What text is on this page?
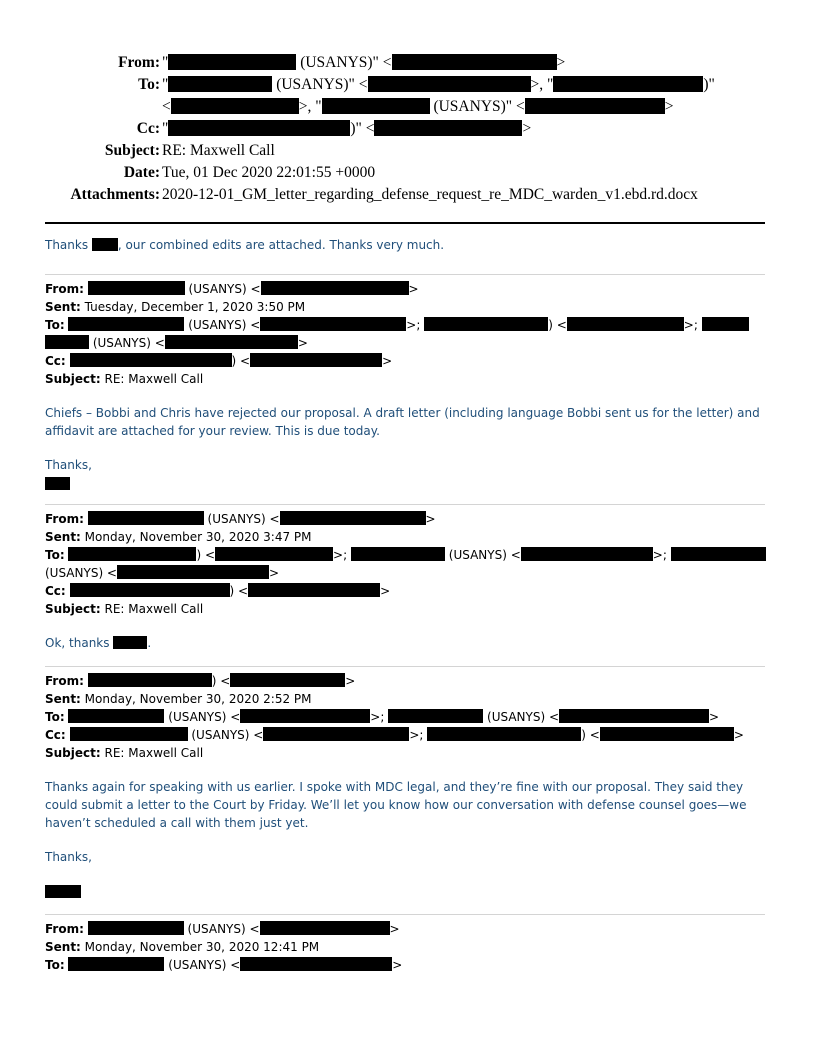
From: "	(USANYS)" <	>
To: "	(USANYS)" <	>, "	)"
<	>, "	(USANYS)" <	>
Cc: "	)" <	>
Subject: RE: Maxwell Call
Date: Tue, 01 Dec 2020 22:01:55 +0000
Attachments: 2020-12-01_GM_letter_regarding_defense_request_re_MDC_warden_v1.ebd.rd.docx
Thanks , our combined edits are attached. Thanks very much.
From:	(USANYS) <	>
Sent: Tuesday, December 1, 2020 3:50 PM
To:	(USANYS) <	>;	) <	>;
(USANYS) <	>
Cc:	) <	>
Subject: RE: Maxwell Call
Chiefs – Bobbi and Chris have rejected our proposal. A draft letter (including language Bobbi sent us for the letter) and affidavit are attached for your review. This is due today.
Thanks,
From:	(USANYS) <	>
Sent: Monday, November 30, 2020 3:47 PM
To:	) <	>;	(USANYS) <	>;
(USANYS) <	>
Cc:	) <	>
Subject: RE: Maxwell Call
Ok, thanks	.
From:	) <	>
Sent: Monday, November 30, 2020 2:52 PM
To:	(USANYS) <	>;	(USANYS) <	>
Cc:	(USANYS) <	>;	) <	>
Subject: RE: Maxwell Call
Thanks again for speaking with us earlier. I spoke with MDC legal, and they’re fine with our proposal. They said they could submit a letter to the Court by Friday. We’ll let you know how our conversation with defense counsel goes—we haven’t scheduled a call with them just yet.
Thanks,
From:	(USANYS) <	>
Sent: Monday, November 30, 2020 12:41 PM
To:	(USANYS) <	>
